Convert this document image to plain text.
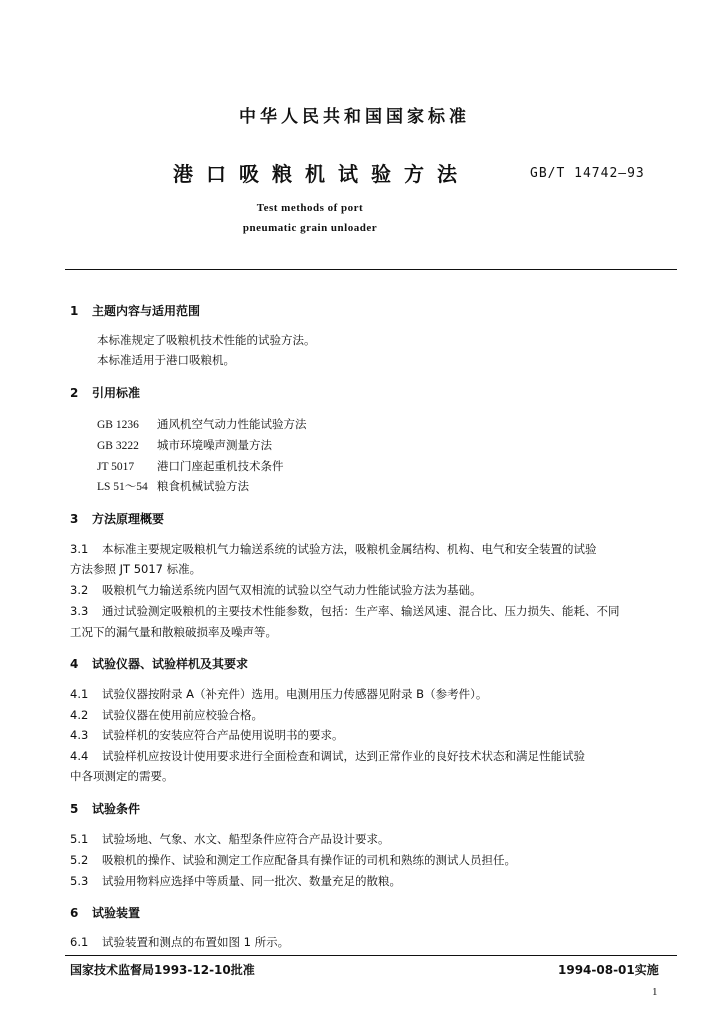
中华人民共和国国家标准
港口吸粮机试验方法	GB/T 14742—93
Test methods of port
pneumatic grain unloader
1 主题内容与适用范围
本标准规定了吸粮机技术性能的试验方法。
本标准适用于港口吸粮机。
2 引用标准
GB 1236 通风机空气动力性能试验方法
GB 3222 城市环境噪声测量方法
JT 5017 港口门座起重机技术条件
LS 51～54 粮食机械试验方法
3 方法原理概要
3.1 本标准主要规定吸粮机气力输送系统的试验方法，吸粮机金属结构、机构、电气和安全装置的试验
方法参照 JT 5017 标准。
3.2 吸粮机气力输送系统内固气双相流的试验以空气动力性能试验方法为基础。
3.3 通过试验测定吸粮机的主要技术性能参数，包括：生产率、输送风速、混合比、压力损失、能耗、不同
工况下的漏气量和散粮破损率及噪声等。
4 试验仪器、试验样机及其要求
4.1 试验仪器按附录 A（补充件）选用。电测用压力传感器见附录 B（参考件）。
4.2 试验仪器在使用前应校验合格。
4.3 试验样机的安装应符合产品使用说明书的要求。
4.4 试验样机应按设计使用要求进行全面检查和调试，达到正常作业的良好技术状态和满足性能试验
中各项测定的需要。
5 试验条件
5.1 试验场地、气象、水文、船型条件应符合产品设计要求。
5.2 吸粮机的操作、试验和测定工作应配备具有操作证的司机和熟练的测试人员担任。
5.3 试验用物料应选择中等质量、同一批次、数量充足的散粮。
6 试验装置
6.1 试验装置和测点的布置如图 1 所示。
国家技术监督局1993-12-10批准	1994-08-01实施
1
